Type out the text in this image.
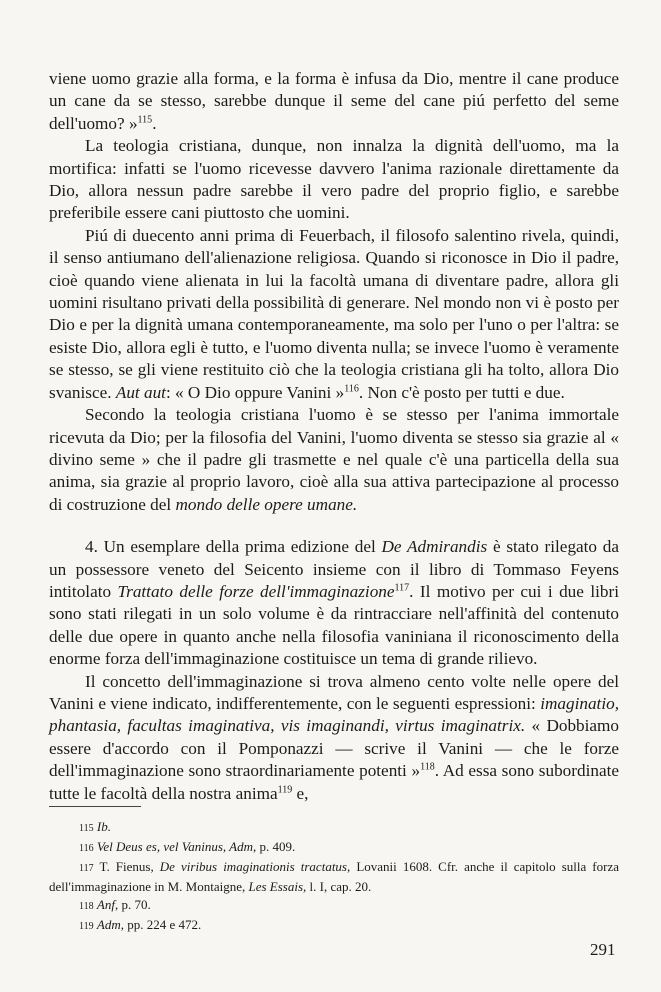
viene uomo grazie alla forma, e la forma è infusa da Dio, mentre il cane produce un cane da se stesso, sarebbe dunque il seme del cane piú perfetto del seme dell'uomo? »$^{115}$.

La teologia cristiana, dunque, non innalza la dignità dell'uomo, ma la mortifica: infatti se l'uomo ricevesse davvero l'anima razionale direttamente da Dio, allora nessun padre sarebbe il vero padre del proprio figlio, e sarebbe preferibile essere cani piuttosto che uomini.

Piú di duecento anni prima di Feuerbach, il filosofo salentino rivela, quindi, il senso antiumano dell'alienazione religiosa. Quando si riconosce in Dio il padre, cioè quando viene alienata in lui la facoltà umana di diventare padre, allora gli uomini risultano privati della possibilità di generare. Nel mondo non vi è posto per Dio e per la dignità umana contemporaneamente, ma solo per l'uno o per l'altra: se esiste Dio, allora egli è tutto, e l'uomo diventa nulla; se invece l'uomo è veramente se stesso, se gli viene restituito ciò che la teologia cristiana gli ha tolto, allora Dio svanisce. Aut aut: « O Dio oppure Vanini »$^{116}$. Non c'è posto per tutti e due.

Secondo la teologia cristiana l'uomo è se stesso per l'anima immortale ricevuta da Dio; per la filosofia del Vanini, l'uomo diventa se stesso sia grazie al « divino seme » che il padre gli trasmette e nel quale c'è una particella della sua anima, sia grazie al proprio lavoro, cioè alla sua attiva partecipazione al processo di costruzione del mondo delle opere umane.

4. Un esemplare della prima edizione del De Admirandis è stato rilegato da un possessore veneto del Seicento insieme con il libro di Tommaso Feyens intitolato Trattato delle forze dell'immaginazione$^{117}$. Il motivo per cui i due libri sono stati rilegati in un solo volume è da rintracciare nell'affinità del contenuto delle due opere in quanto anche nella filosofia vaniniana il riconoscimento della enorme forza dell'immaginazione costituisce un tema di grande rilievo.

Il concetto dell'immaginazione si trova almeno cento volte nelle opere del Vanini e viene indicato, indifferentemente, con le seguenti espressioni: imaginatio, phantasia, facultas imaginativa, vis imaginandi, virtus imaginatrix. « Dobbiamo essere d'accordo con il Pomponazzi — scrive il Vanini — che le forze dell'immaginazione sono straordinariamente potenti »$^{118}$. Ad essa sono subordinate tutte le facoltà della nostra anima$^{119}$ e,

115 Ib.

116 Vel Deus es, vel Vaninus, Adm, p. 409.

117 T. Fienus, De viribus imaginationis tractatus, Lovanii 1608. Cfr. anche il capitolo sulla forza dell'immaginazione in M. Montaigne, Les Essais, l. I, cap. 20.

118 Anf, p. 70.

119 Adm, pp. 224 e 472.

291
